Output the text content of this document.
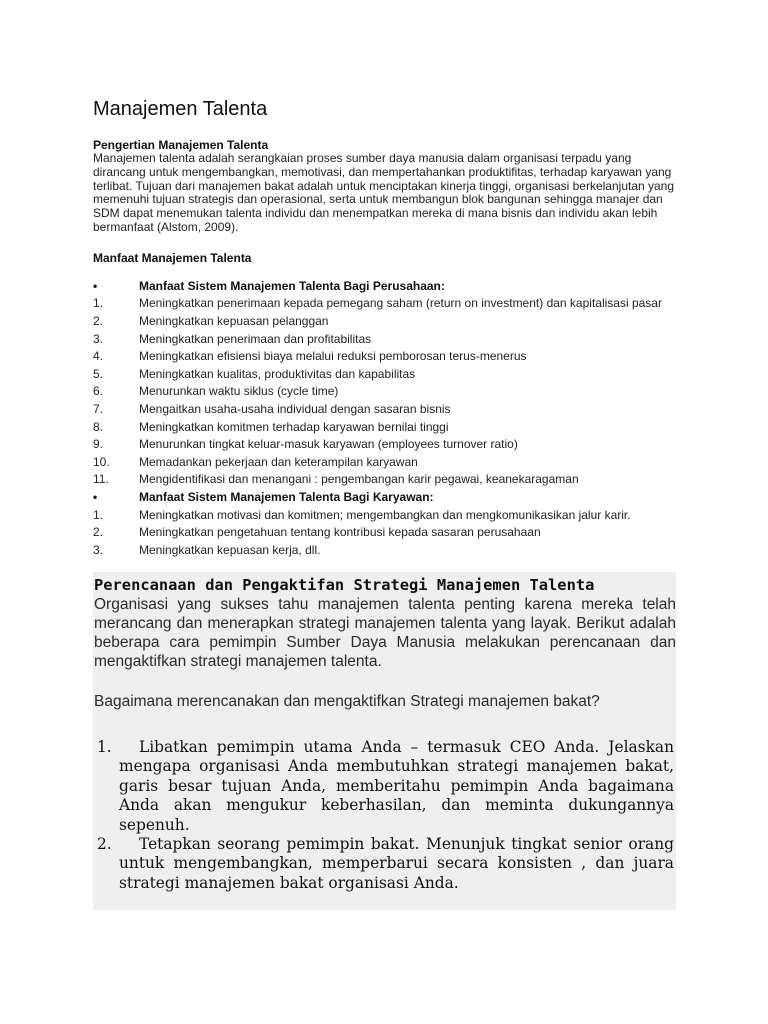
Manajemen Talenta

Pengertian Manajemen Talenta

Manajemen talenta adalah serangkaian proses sumber daya manusia dalam organisasi terpadu yang dirancang untuk mengembangkan, memotivasi, dan mempertahankan produktifitas, terhadap karyawan yang terlibat. Tujuan dari manajemen bakat adalah untuk menciptakan kinerja tinggi, organisasi berkelanjutan yang memenuhi tujuan strategis dan operasional, serta untuk membangun blok bangunan sehingga manajer dan SDM dapat menemukan talenta individu dan menempatkan mereka di mana bisnis dan individu akan lebih bermanfaat (Alstom, 2009).

Manfaat Manajemen Talenta

•	Manfaat Sistem Manajemen Talenta Bagi Perusahaan:
1.	Meningkatkan penerimaan kepada pemegang saham (return on investment) dan kapitalisasi pasar
2.	Meningkatkan kepuasan pelanggan
3.	Meningkatkan penerimaan dan profitabilitas
4.	Meningkatkan efisiensi biaya melalui reduksi pemborosan terus-menerus
5.	Meningkatkan kualitas, produktivitas dan kapabilitas
6.	Menurunkan waktu siklus (cycle time)
7.	Mengaitkan usaha-usaha individual dengan sasaran bisnis
8.	Meningkatkan komitmen terhadap karyawan bernilai tinggi
9.	Menurunkan tingkat keluar-masuk karyawan (employees turnover ratio)
10. Memadankan pekerjaan dan keterampilan karyawan
11.	Mengidentifikasi dan menangani : pengembangan karir pegawai, keanekaragaman
•	Manfaat Sistem Manajemen Talenta Bagi Karyawan:
1.	Meningkatkan motivasi dan komitmen; mengembangkan dan mengkomunikasikan jalur karir.
2.	Meningkatkan pengetahuan tentang kontribusi kepada sasaran perusahaan
3.	Meningkatkan kepuasan kerja, dll.
Perencanaan dan Pengaktifan Strategi Manajemen Talenta

Organisasi yang sukses tahu manajemen talenta penting karena mereka telah merancang dan menerapkan strategi manajemen talenta yang layak. Berikut adalah beberapa cara pemimpin Sumber Daya Manusia melakukan perencanaan dan mengaktifkan strategi manajemen talenta.

Bagaimana merencanakan dan mengaktifkan Strategi manajemen bakat?

1.	Libatkan pemimpin utama Anda – termasuk CEO Anda. Jelaskan mengapa organisasi Anda membutuhkan strategi manajemen bakat, garis besar tujuan Anda, memberitahu pemimpin Anda bagaimana Anda akan mengukur keberhasilan, dan meminta dukungannya sepenuh.
2.	Tetapkan seorang pemimpin bakat. Menunjuk tingkat senior orang untuk mengembangkan, memperbarui secara konsisten , dan juara strategi manajemen bakat organisasi Anda.
